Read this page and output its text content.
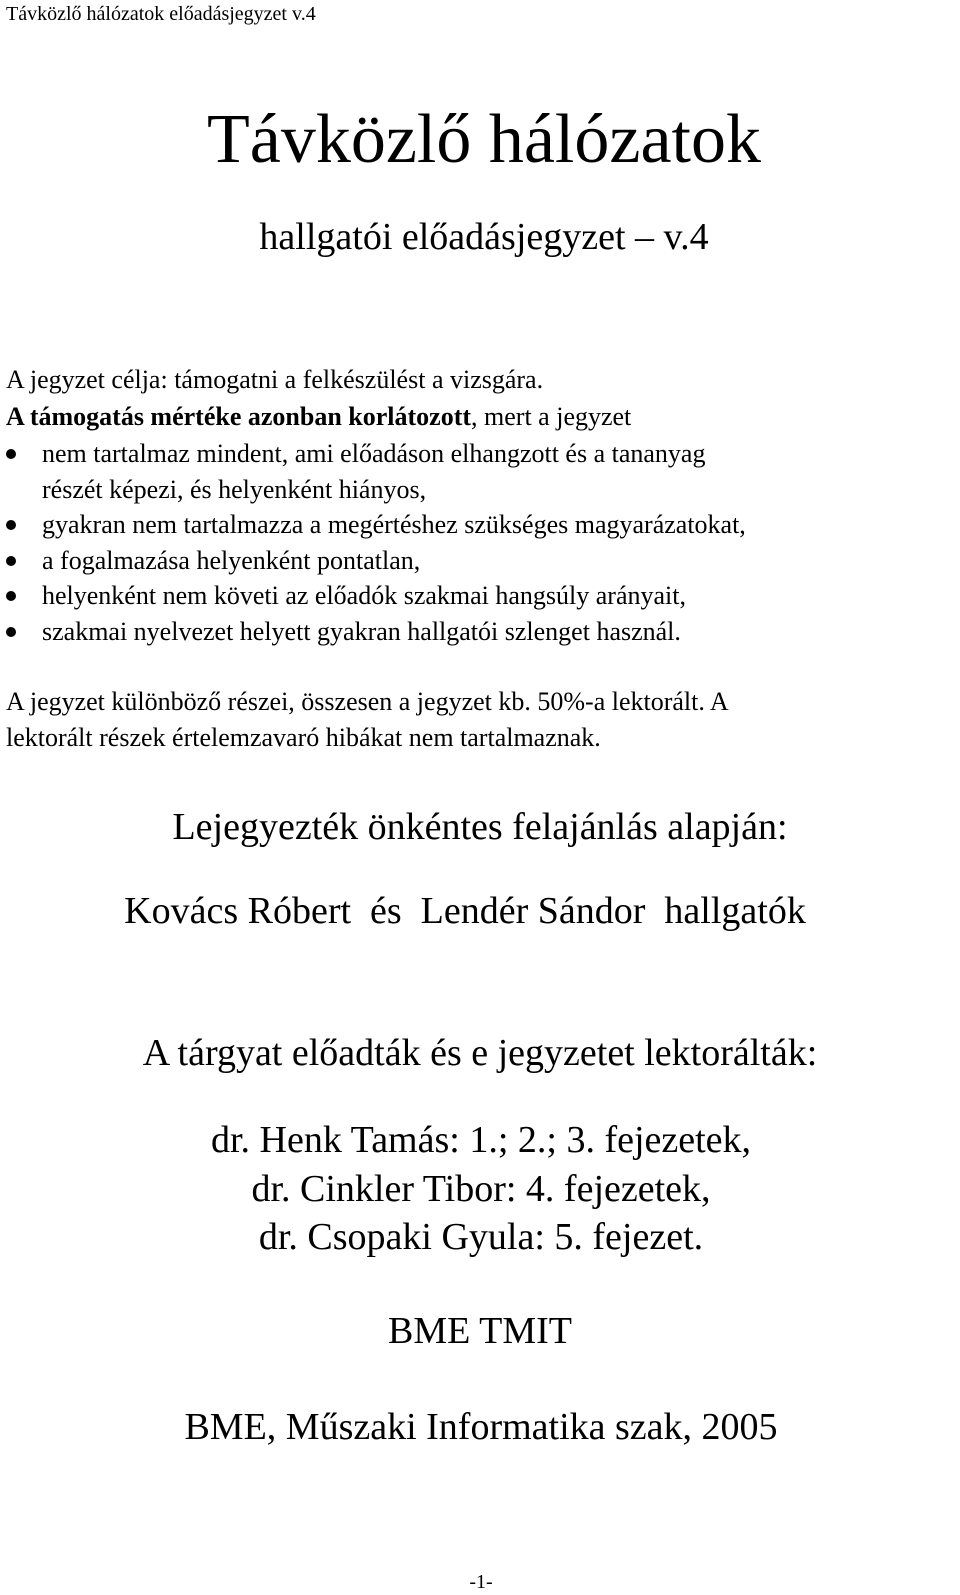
Távközlő hálózatok előadásjegyzet v.4
Távközlő hálózatok
hallgatói előadásjegyzet – v.4
A jegyzet célja: támogatni a felkészülést a vizsgára.
A támogatás mértéke azonban korlátozott, mert a jegyzet
nem tartalmaz mindent, ami előadáson elhangzott és a tananyag
részét képezi, és helyenként hiányos,
gyakran nem tartalmazza a megértéshez szükséges magyarázatokat,
a fogalmazása helyenként pontatlan,
helyenként nem követi az előadók szakmai hangsúly arányait,
szakmai nyelvezet helyett gyakran hallgatói szlenget használ.
A jegyzet különböző részei, összesen a jegyzet kb. 50%-a lektorált. A
lektorált részek értelemzavaró hibákat nem tartalmaznak.
Lejegyezték önkéntes felajánlás alapján:
Kovács Róbert  és  Lendér Sándor  hallgatók
A tárgyat előadták és e jegyzetet lektorálták:
dr. Henk Tamás: 1.; 2.; 3. fejezetek,
dr. Cinkler Tibor: 4. fejezetek,
dr. Csopaki Gyula: 5. fejezet.
BME TMIT
BME, Műszaki Informatika szak, 2005
-1-
